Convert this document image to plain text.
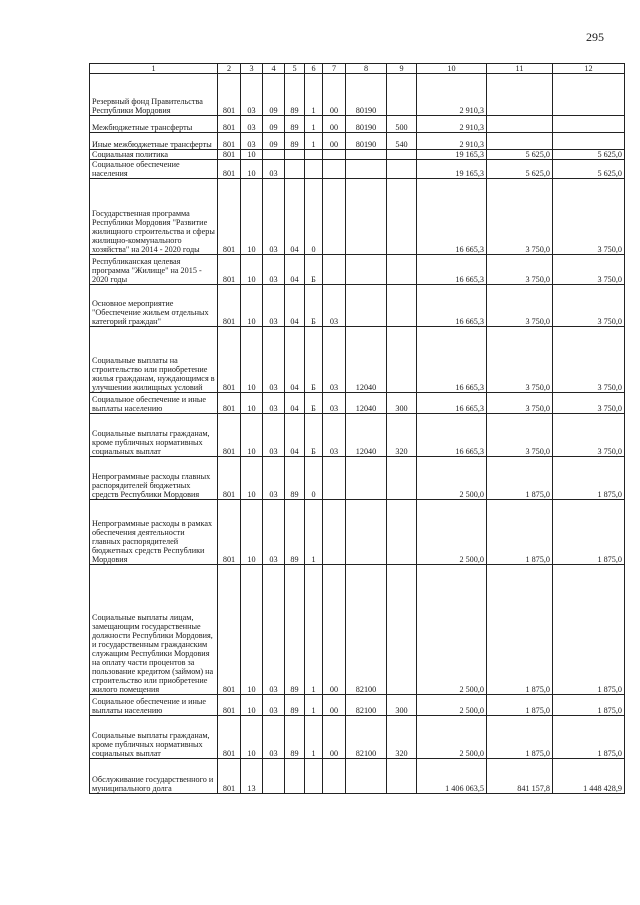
295
1	2	3	4	5	6	7	8	9	10	11	12
Резервный фонд Правительства Республики Мордовия	801	03	09	89	1	00	80190		2 910,3		
Межбюджетные трансферты	801	03	09	89	1	00	80190	500	2 910,3		
Иные межбюджетные трансферты	801	03	09	89	1	00	80190	540	2 910,3		
Социальная политика	801	10							19 165,3	5 625,0	5 625,0
Социальное обеспечение населения	801	10	03						19 165,3	5 625,0	5 625,0
Государственная программа Республики Мордовия "Развитие жилищного строительства и сферы жилищно-коммунального хозяйства" на 2014 - 2020 годы	801	10	03	04	0				16 665,3	3 750,0	3 750,0
Республиканская целевая программа "Жилище" на 2015 - 2020 годы	801	10	03	04	Б				16 665,3	3 750,0	3 750,0
Основное мероприятие "Обеспечение жильем отдельных категорий граждан"	801	10	03	04	Б	03			16 665,3	3 750,0	3 750,0
Социальные выплаты на строительство или приобретение жилья гражданам, нуждающимся в улучшении жилищных условий	801	10	03	04	Б	03	12040		16 665,3	3 750,0	3 750,0
Социальное обеспечение и иные выплаты населению	801	10	03	04	Б	03	12040	300	16 665,3	3 750,0	3 750,0
Социальные выплаты гражданам, кроме публичных нормативных социальных выплат	801	10	03	04	Б	03	12040	320	16 665,3	3 750,0	3 750,0
Непрограммные расходы главных распорядителей бюджетных средств Республики Мордовия	801	10	03	89	0				2 500,0	1 875,0	1 875,0
Непрограммные расходы в рамках обеспечения деятельности главных распорядителей бюджетных средств Республики Мордовия	801	10	03	89	1				2 500,0	1 875,0	1 875,0
Социальные выплаты лицам, замещающим государственные должности Республики Мордовия, и государственным гражданским служащим Республики Мордовия на оплату части процентов за пользование кредитом (займом) на строительство или приобретение жилого помещения	801	10	03	89	1	00	82100		2 500,0	1 875,0	1 875,0
Социальное обеспечение и иные выплаты населению	801	10	03	89	1	00	82100	300	2 500,0	1 875,0	1 875,0
Социальные выплаты гражданам, кроме публичных нормативных социальных выплат	801	10	03	89	1	00	82100	320	2 500,0	1 875,0	1 875,0
Обслуживание государственного и муниципального долга	801	13							1 406 063,5	841 157,8	1 448 428,9
